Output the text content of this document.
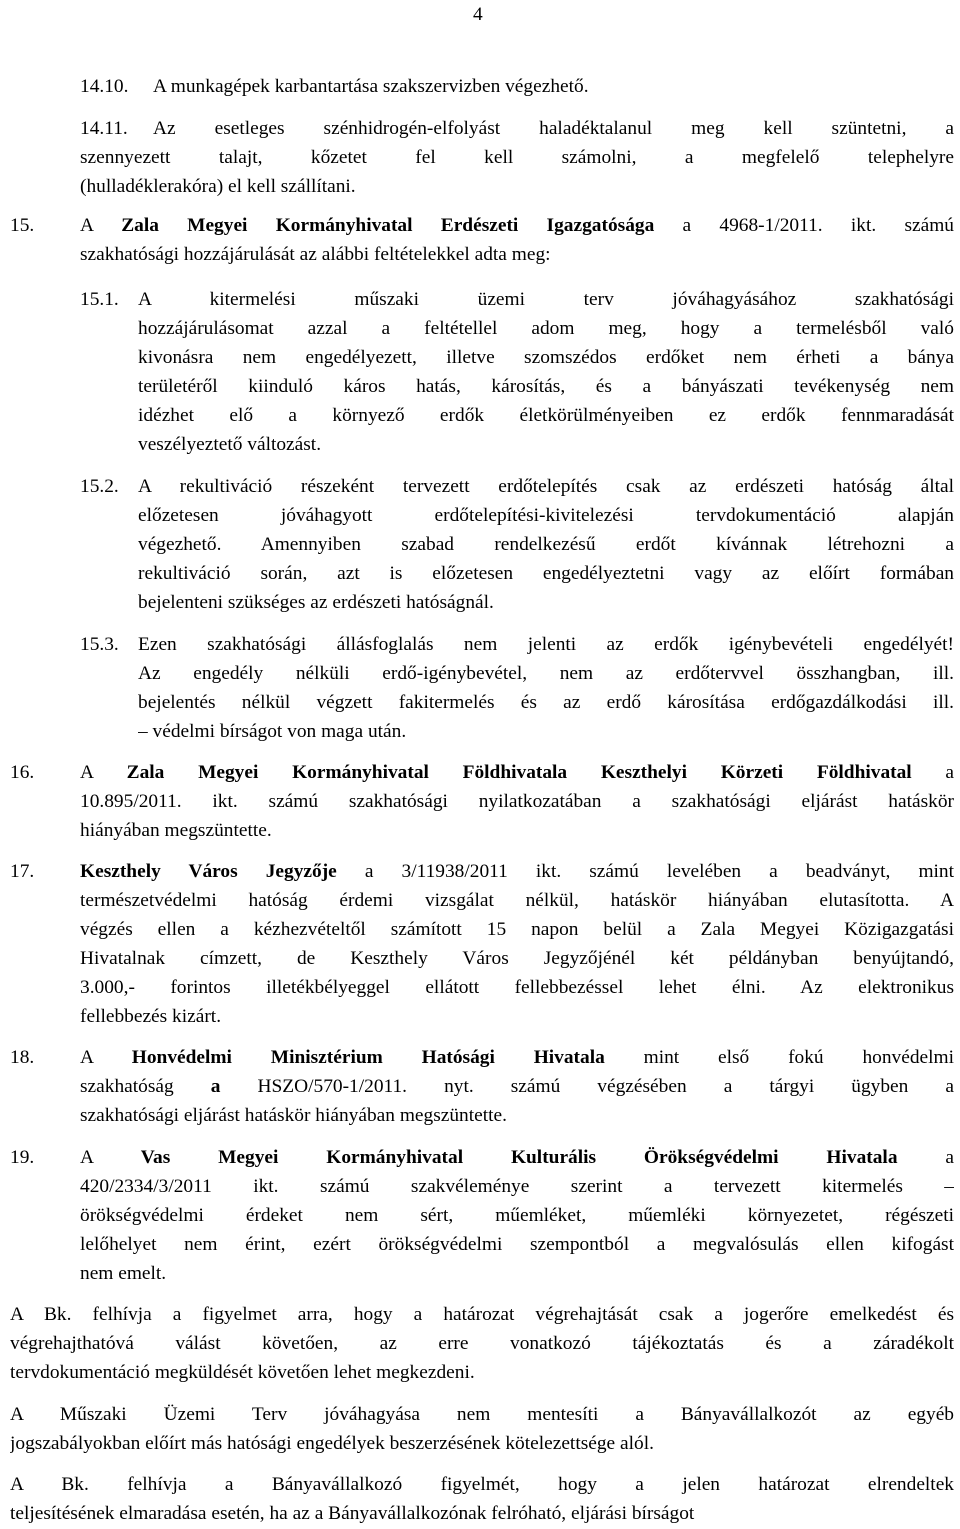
4
14.10. A munkagépek karbantartása szakszervizben végezhető.
14.11.	Az esetleges szénhidrogén-elfolyást haladéktalanul meg kell szüntetni, a
szennyezett talajt, kőzetet fel kell számolni, a megfelelő telephelyre
(hulladéklerakóra) el kell szállítani.
15. A Zala Megyei Kormányhivatal Erdészeti Igazgatósága a 4968-1/2011. ikt. számú
szakhatósági hozzájárulását az alábbi feltételekkel adta meg:
15.1. A kitermelési műszaki üzemi terv jóváhagyásához szakhatósági
hozzájárulásomat azzal a feltétellel adom meg, hogy a termelésből való
kivonásra nem engedélyezett, illetve szomszédos erdőket nem érheti a bánya
területéről kiinduló káros hatás, károsítás, és a bányászati tevékenység nem
idézhet elő a környező erdők életkörülményeiben ez erdők fennmaradását
veszélyeztető változást.
15.2. A rekultiváció részeként tervezett erdőtelepítés csak az erdészeti hatóság által
előzetesen jóváhagyott erdőtelepítési-kivitelezési tervdokumentáció alapján
végezhető. Amennyiben szabad rendelkezésű erdőt kívánnak létrehozni a
rekultiváció során, azt is előzetesen engedélyeztetni vagy az előírt formában
bejelenteni szükséges az erdészeti hatóságnál.
15.3. Ezen szakhatósági állásfoglalás nem jelenti az erdők igénybevételi engedélyét!
Az engedély nélküli erdő-igénybevétel, nem az erdőtervvel összhangban, ill.
bejelentés nélkül végzett fakitermelés és az erdő károsítása erdőgazdálkodási ill.
– védelmi bírságot von maga után.
16. A Zala Megyei Kormányhivatal Földhivatala Keszthelyi Körzeti Földhivatal a
10.895/2011. ikt. számú szakhatósági nyilatkozatában a szakhatósági eljárást hatáskör
hiányában megszüntette.
17. Keszthely Város Jegyzője a 3/11938/2011 ikt. számú levelében a beadványt, mint
természetvédelmi hatóság érdemi vizsgálat nélkül, hatáskör hiányában elutasította. A
végzés ellen a kézhezvételtől számított 15 napon belül a Zala Megyei Közigazgatási
Hivatalnak címzett, de Keszthely Város Jegyzőjénél két példányban benyújtandó,
3.000,- forintos illetékbélyeggel ellátott fellebbezéssel lehet élni. Az elektronikus
fellebbezés kizárt.
18. A Honvédelmi Minisztérium Hatósági Hivatala mint első fokú honvédelmi
szakhatóság a HSZO/570-1/2011. nyt. számú végzésében a tárgyi ügyben a
szakhatósági eljárást hatáskör hiányában megszüntette.
19. A Vas Megyei Kormányhivatal Kulturális Örökségvédelmi Hivatala a
420/2334/3/2011 ikt. számú szakvéleménye szerint a tervezett kitermelés –
örökségvédelmi érdeket nem sért, műemléket, műemléki környezetet, régészeti
lelőhelyet nem érint, ezért örökségvédelmi szempontból a megvalósulás ellen kifogást
nem emelt.
A Bk. felhívja a figyelmet arra, hogy a határozat végrehajtását csak a jogerőre emelkedést és
végrehajthatóvá válást követően, az erre vonatkozó tájékoztatás és a záradékolt
tervdokumentáció megküldését követően lehet megkezdeni.
A Műszaki Üzemi Terv jóváhagyása nem mentesíti a Bányavállalkozót az egyéb
jogszabályokban előírt más hatósági engedélyek beszerzésének kötelezettsége alól.
A Bk. felhívja a Bányavállalkozó figyelmét, hogy a jelen határozat elrendeltek
teljesítésének elmaradása esetén, ha az a Bányavállalkozónak felróható, eljárási bírságot
